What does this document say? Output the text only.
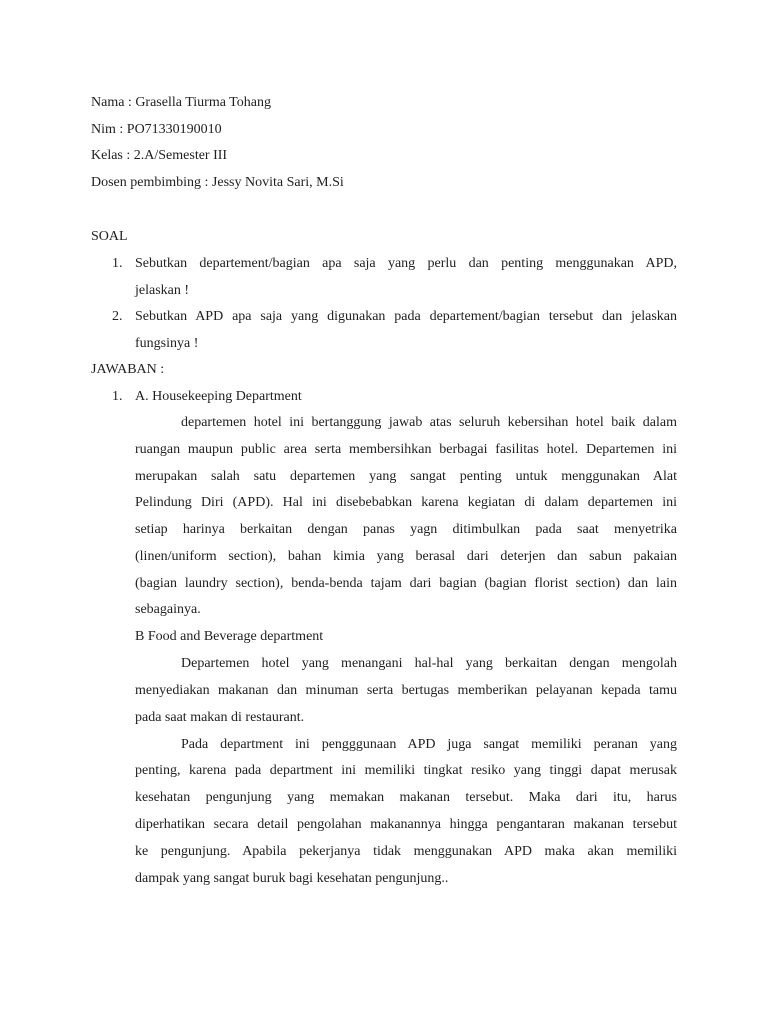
Nama : Grasella Tiurma Tohang
Nim : PO71330190010
Kelas : 2.A/Semester III
Dosen pembimbing : Jessy Novita Sari, M.Si
SOAL
1. Sebutkan departement/bagian apa saja yang perlu dan penting menggunakan APD,
jelaskan !
2. Sebutkan APD apa saja yang digunakan pada departement/bagian tersebut dan jelaskan
fungsinya !
JAWABAN :
1. A. Housekeeping Department
departemen hotel ini bertanggung jawab atas seluruh kebersihan hotel baik dalam
ruangan maupun public area serta membersihkan berbagai fasilitas hotel. Departemen ini
merupakan salah satu departemen yang sangat penting untuk menggunakan Alat
Pelindung Diri (APD). Hal ini disebebabkan karena kegiatan di dalam departemen ini
setiap harinya berkaitan dengan panas yagn ditimbulkan pada saat menyetrika
(linen/uniform section), bahan kimia yang berasal dari deterjen dan sabun pakaian
(bagian laundry section), benda-benda tajam dari bagian (bagian florist section) dan lain
sebagainya.
B Food and Beverage department
Departemen hotel yang menangani hal-hal yang berkaitan dengan mengolah
menyediakan makanan dan minuman serta bertugas memberikan pelayanan kepada tamu
pada saat makan di restaurant.
Pada department ini pengggunaan APD juga sangat memiliki peranan yang
penting, karena pada department ini memiliki tingkat resiko yang tinggi dapat merusak
kesehatan pengunjung yang memakan makanan tersebut. Maka dari itu, harus
diperhatikan secara detail pengolahan makanannya hingga pengantaran makanan tersebut
ke pengunjung. Apabila pekerjanya tidak menggunakan APD maka akan memiliki
dampak yang sangat buruk bagi kesehatan pengunjung..
